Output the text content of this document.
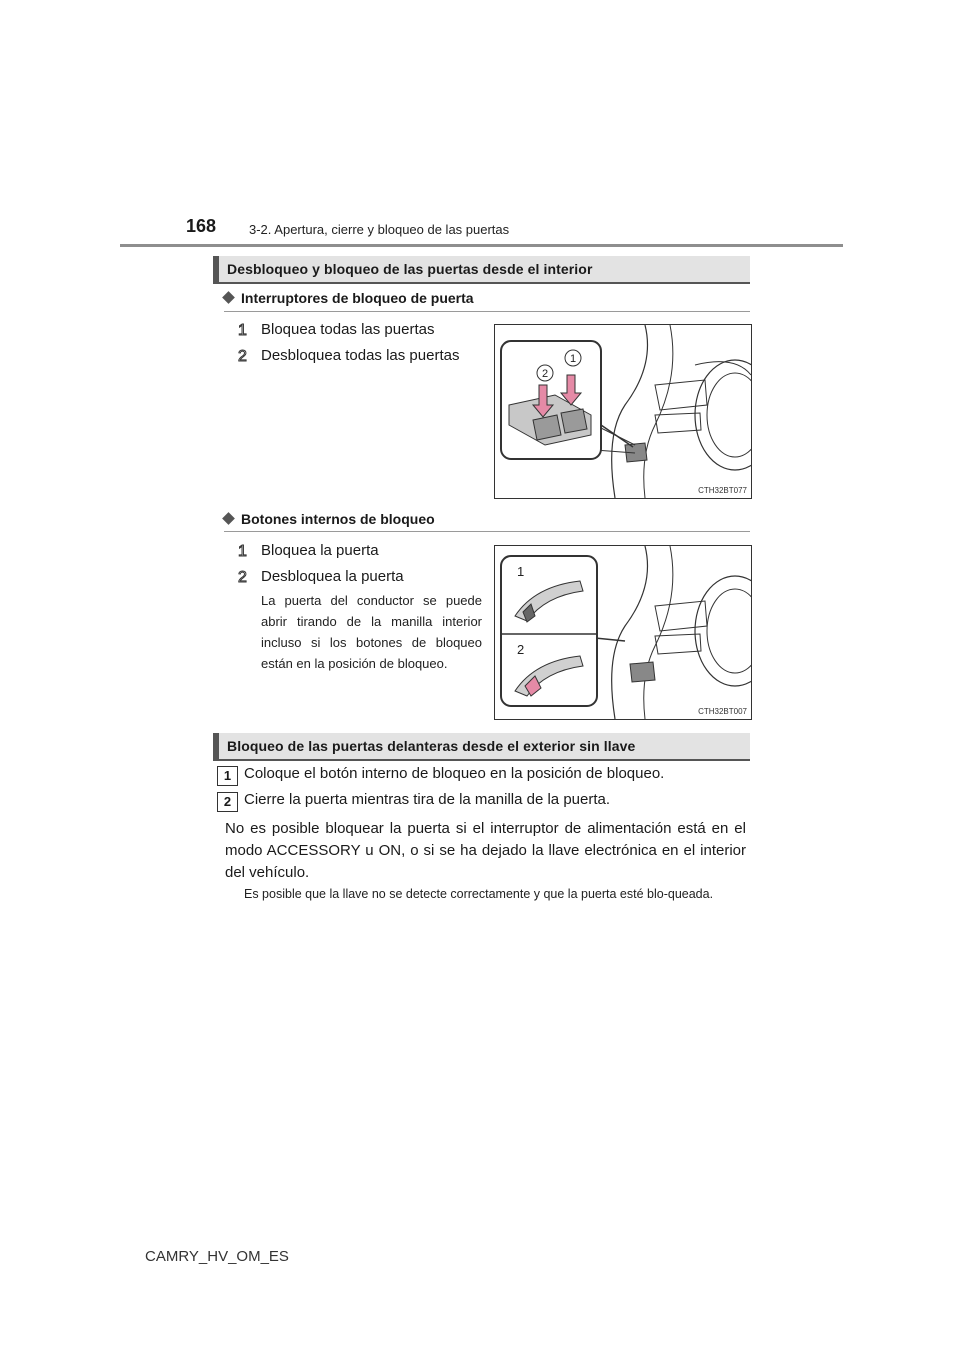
168	3-2. Apertura, cierre y bloqueo de las puertas
Desbloqueo y bloqueo de las puertas desde el interior
Interruptores de bloqueo de puerta
1 Bloquea todas las puertas
2 Desbloquea todas las puertas
2
1
CTH32BT077
Botones internos de bloqueo
1 Bloquea la puerta
2 Desbloquea la puerta
La puerta del conductor se puede abrir tirando de la manilla interior incluso si los botones de bloqueo están en la posición de bloqueo.
1
2
CTH32BT007
Bloqueo de las puertas delanteras desde el exterior sin llave
1 Coloque el botón interno de bloqueo en la posición de bloqueo.
2 Cierre la puerta mientras tira de la manilla de la puerta.
No es posible bloquear la puerta si el interruptor de alimentación está en el modo ACCESSORY u ON, o si se ha dejado la llave electrónica en el interior del vehículo.
Es posible que la llave no se detecte correctamente y que la puerta esté blo-queada.
CAMRY_HV_OM_ES
